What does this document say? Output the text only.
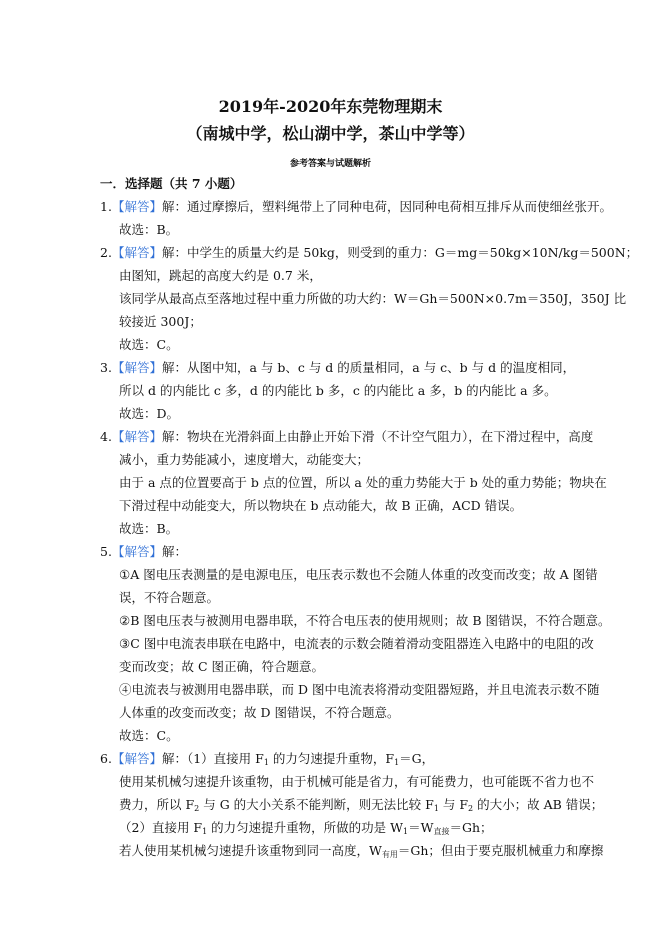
2019年-2020年东莞物理期末
（南城中学，松山湖中学，茶山中学等）
参考答案与试题解析
一．选择题（共 7 小题）
1.【解答】解：通过摩擦后，塑料绳带上了同种电荷，因同种电荷相互排斥从而使细丝张开。
故选：B。
2.【解答】解：中学生的质量大约是 50kg，则受到的重力：G＝mg＝50kg×10N/kg＝500N；
由图知，跳起的高度大约是 0.7 米，
该同学从最高点至落地过程中重力所做的功大约：W＝Gh＝500N×0.7m＝350J，350J 比
较接近 300J；
故选：C。
3.【解答】解：从图中知，a 与 b、c 与 d 的质量相同，a 与 c、b 与 d 的温度相同，
所以 d 的内能比 c 多，d 的内能比 b 多，c 的内能比 a 多，b 的内能比 a 多。
故选：D。
4.【解答】解：物块在光滑斜面上由静止开始下滑（不计空气阻力），在下滑过程中，高度
减小，重力势能减小，速度增大，动能变大；
由于 a 点的位置要高于 b 点的位置，所以 a 处的重力势能大于 b 处的重力势能；物块在
下滑过程中动能变大，所以物块在 b 点动能大，故 B 正确，ACD 错误。
故选：B。
5.【解答】解：
①A 图电压表测量的是电源电压，电压表示数也不会随人体重的改变而改变；故 A 图错
误，不符合题意。
②B 图电压表与被测用电器串联，不符合电压表的使用规则；故 B 图错误，不符合题意。
③C 图中电流表串联在电路中，电流表的示数会随着滑动变阻器连入电路中的电阻的改
变而改变；故 C 图正确，符合题意。
④电流表与被测用电器串联，而 D 图中电流表将滑动变阻器短路，并且电流表示数不随
人体重的改变而改变；故 D 图错误，不符合题意。
故选：C。
6.【解答】解：（1）直接用 $F_1$ 的力匀速提升重物，$F_1=G$，
使用某机械匀速提升该重物，由于机械可能是省力，有可能费力，也可能既不省力也不
费力，所以 $F_2$ 与 G 的大小关系不能判断，则无法比较 $F_1$ 与 $F_2$ 的大小；故 AB 错误；
（2）直接用 $F_1$ 的力匀速提升重物，所做的功是 $W_1=W_{直接}=Gh$；
若人使用某机械匀速提升该重物到同一高度，$W_{有用}=Gh$；但由于要克服机械重力和摩擦
